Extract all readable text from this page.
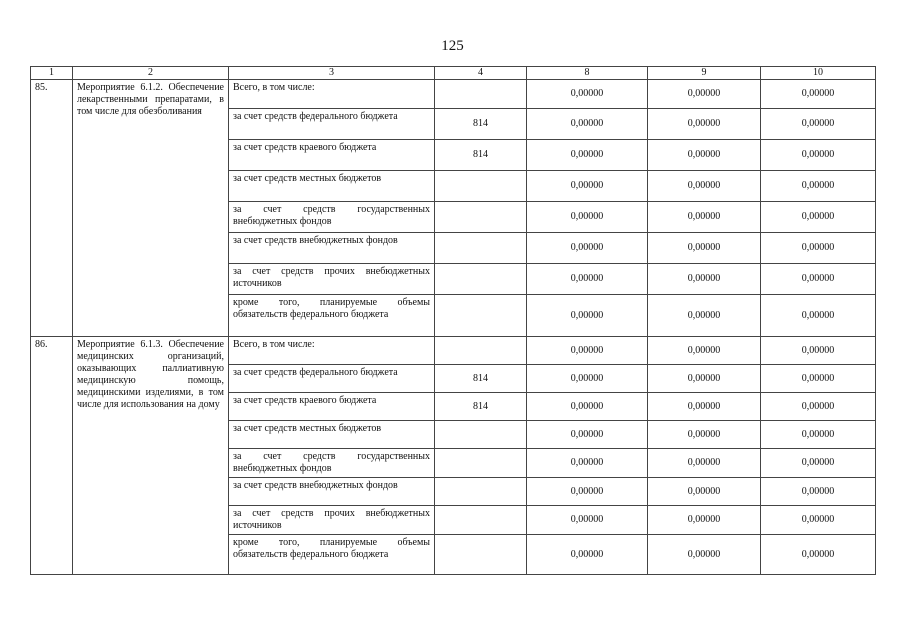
125
1	2	3	4	8	9	10
85.	Мероприятие 6.1.2. Обеспечение лекарственными препаратами, в том числе для обезболивания	Всего, в том числе:		0,00000	0,00000	0,00000
		за счет средств федерального бюджета	814	0,00000	0,00000	0,00000
		за счет средств краевого бюджета	814	0,00000	0,00000	0,00000
		за счет средств местных бюджетов		0,00000	0,00000	0,00000
		за счет средств государственных внебюджетных фондов		0,00000	0,00000	0,00000
		за счет средств внебюджетных фондов		0,00000	0,00000	0,00000
		за счет средств прочих внебюджетных источников		0,00000	0,00000	0,00000
		кроме того, планируемые объемы обязательств федерального бюджета		0,00000	0,00000	0,00000
86.	Мероприятие 6.1.3. Обеспечение медицинских организаций, оказывающих паллиативную медицинскую помощь, медицинскими изделиями, в том числе для использования на дому	Всего, в том числе:		0,00000	0,00000	0,00000
		за счет средств федерального бюджета	814	0,00000	0,00000	0,00000
		за счет средств краевого бюджета	814	0,00000	0,00000	0,00000
		за счет средств местных бюджетов		0,00000	0,00000	0,00000
		за счет средств государственных внебюджетных фондов		0,00000	0,00000	0,00000
		за счет средств внебюджетных фондов		0,00000	0,00000	0,00000
		за счет средств прочих внебюджетных источников		0,00000	0,00000	0,00000
		кроме того, планируемые объемы обязательств федерального бюджета		0,00000	0,00000	0,00000
